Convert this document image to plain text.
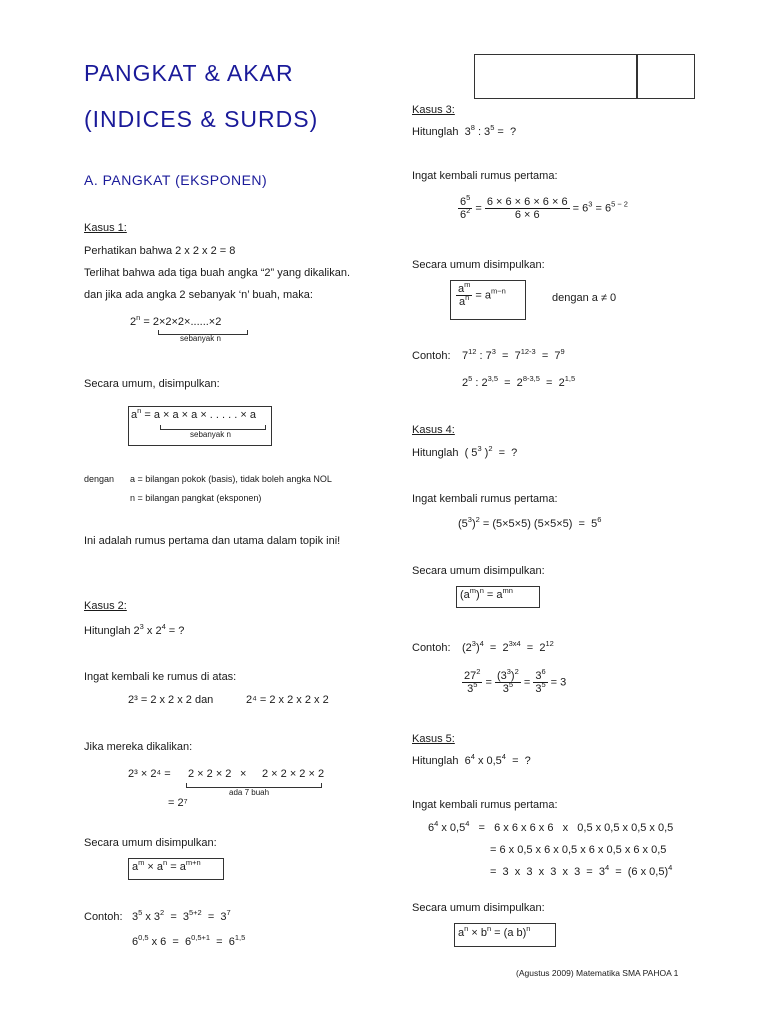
PANGKAT & AKAR
(INDICES & SURDS)
A. PANGKAT (EKSPONEN)
Kasus 1:
Perhatikan bahwa 2 x 2 x 2 = 8
Terlihat bahwa ada tiga buah angka “2” yang dikalikan.
dan jika ada angka 2 sebanyak ‘n’ buah, maka:
$2^n = 2\times 2\times 2\times......\times 2$
sebanyak n
Secara umum, disimpulkan:
$a^n = a \times a \times a$ × . . . . . × a
sebanyak n
dengan a = bilangan pokok (basis), tidak boleh angka NOL
n = bilangan pangkat (eksponen)
Ini adalah rumus pertama dan utama dalam topik ini!
Kasus 2:
Hitunglah $2^3$ x $2^4$ = ?
Ingat kembali ke rumus di atas:
2³ = 2 x 2 x 2 dan	2⁴ = 2 x 2 x 2 x 2
Jika mereka dikalikan:
2³ × 2⁴ = 2 × 2 × 2 × 2 × 2 × 2 × 2
ada 7 buah
= 2⁷
Secara umum disimpulkan:
$a^m \times a^n = a^{m+n}$
Contoh: $3^5$ x $3^2 = 3^{5+2} = 3^7$
6$^{0,5}$ x $6 = 6^{0,5+1} = 6^{1,5}$
Kasus 3:
Hitunglah  $3^8$ : $3^5$ =  ?
Ingat kembali rumus pertama:
$\frac{6^5}{6^2} = \frac{6 \times 6 \times 6 \times 6 \times 6}{6 \times 6} = 6^3 = 6^{5 - 2}$
Secara umum disimpulkan:
$\frac{a^m}{a^n} = a^{m-n}$
dengan a ≠ 0
Contoh: $7^{12}$ : $7^3 = 7^{12-3} = 7^9$
$2^5$ : 2$^{3,5}$  =  2$^{8-3,5}$  =  2$^{1,5}$
Kasus 4:
Hitunglah  ( $5^3$ )$^2$  =  ?
Ingat kembali rumus pertama:
$(5^3)^2 = (5\times 5\times 5) (5\times 5\times 5) = 5^6$
Secara umum disimpulkan:
$(a^m)^n = a^{mn}$
Contoh: $(2^3)^4 = 2^{3x4} = 2^{12}$
$\frac{27^2}{3^5} = \frac{(3^3)^2}{3^5} = \frac{3^6}{3^5} = 3$
Kasus 5:
Hitunglah  $6^4$ x $0,5^4$  =  ?
Ingat kembali rumus pertama:
$6^4$ x $0,5^4 = 6$ x 6 x 6 x 6   x   0,5 x 0,5 x 0,5 x 0,5
= 6 x 0,5 x 6 x 0,5 x 6 x 0,5 x 6 x 0,5
=  3  x  3  x  3  x  $3 = 3^4 = (6$ x 0,5)$^4$
Secara umum disimpulkan:
$a^n \times b^n = (a$ b)$^n$
(Agustus 2009) Matematika SMA PAHOA 1
